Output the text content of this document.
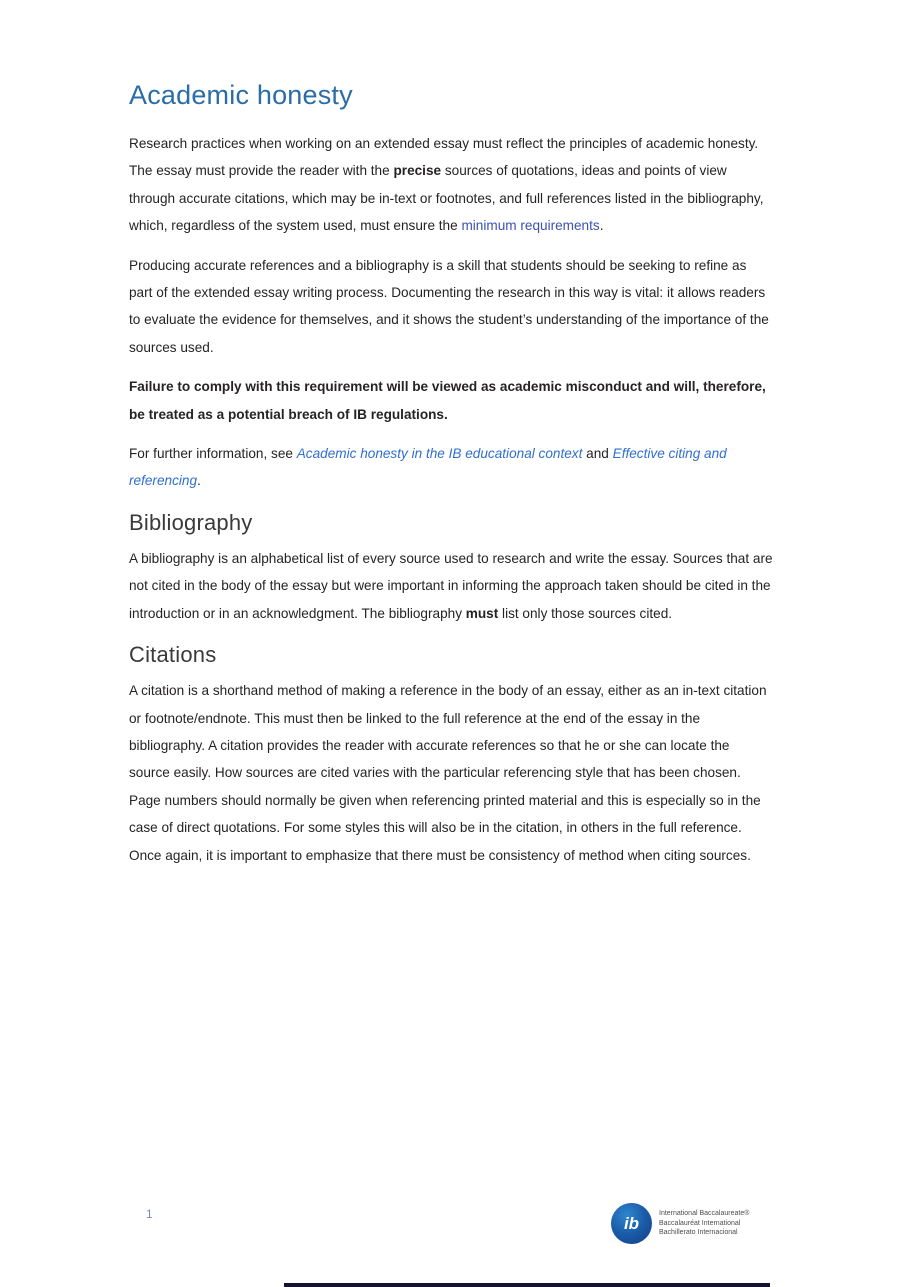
Academic honesty

Research practices when working on an extended essay must reflect the principles of academic honesty. The essay must provide the reader with the precise sources of quotations, ideas and points of view through accurate citations, which may be in-text or footnotes, and full references listed in the bibliography, which, regardless of the system used, must ensure the minimum requirements.

Producing accurate references and a bibliography is a skill that students should be seeking to refine as part of the extended essay writing process. Documenting the research in this way is vital: it allows readers to evaluate the evidence for themselves, and it shows the student’s understanding of the importance of the sources used.

Failure to comply with this requirement will be viewed as academic misconduct and will, therefore, be treated as a potential breach of IB regulations.

For further information, see Academic honesty in the IB educational context and Effective citing and referencing.

Bibliography

A bibliography is an alphabetical list of every source used to research and write the essay. Sources that are not cited in the body of the essay but were important in informing the approach taken should be cited in the introduction or in an acknowledgment. The bibliography must list only those sources cited.

Citations

A citation is a shorthand method of making a reference in the body of an essay, either as an in-text citation or footnote/endnote. This must then be linked to the full reference at the end of the essay in the bibliography. A citation provides the reader with accurate references so that he or she can locate the source easily. How sources are cited varies with the particular referencing style that has been chosen. Page numbers should normally be given when referencing printed material and this is especially so in the case of direct quotations. For some styles this will also be in the citation, in others in the full reference. Once again, it is important to emphasize that there must be consistency of method when citing sources.

1	ib	International Baccalaureate®
Baccalauréat International
Bachillerato Internacional
